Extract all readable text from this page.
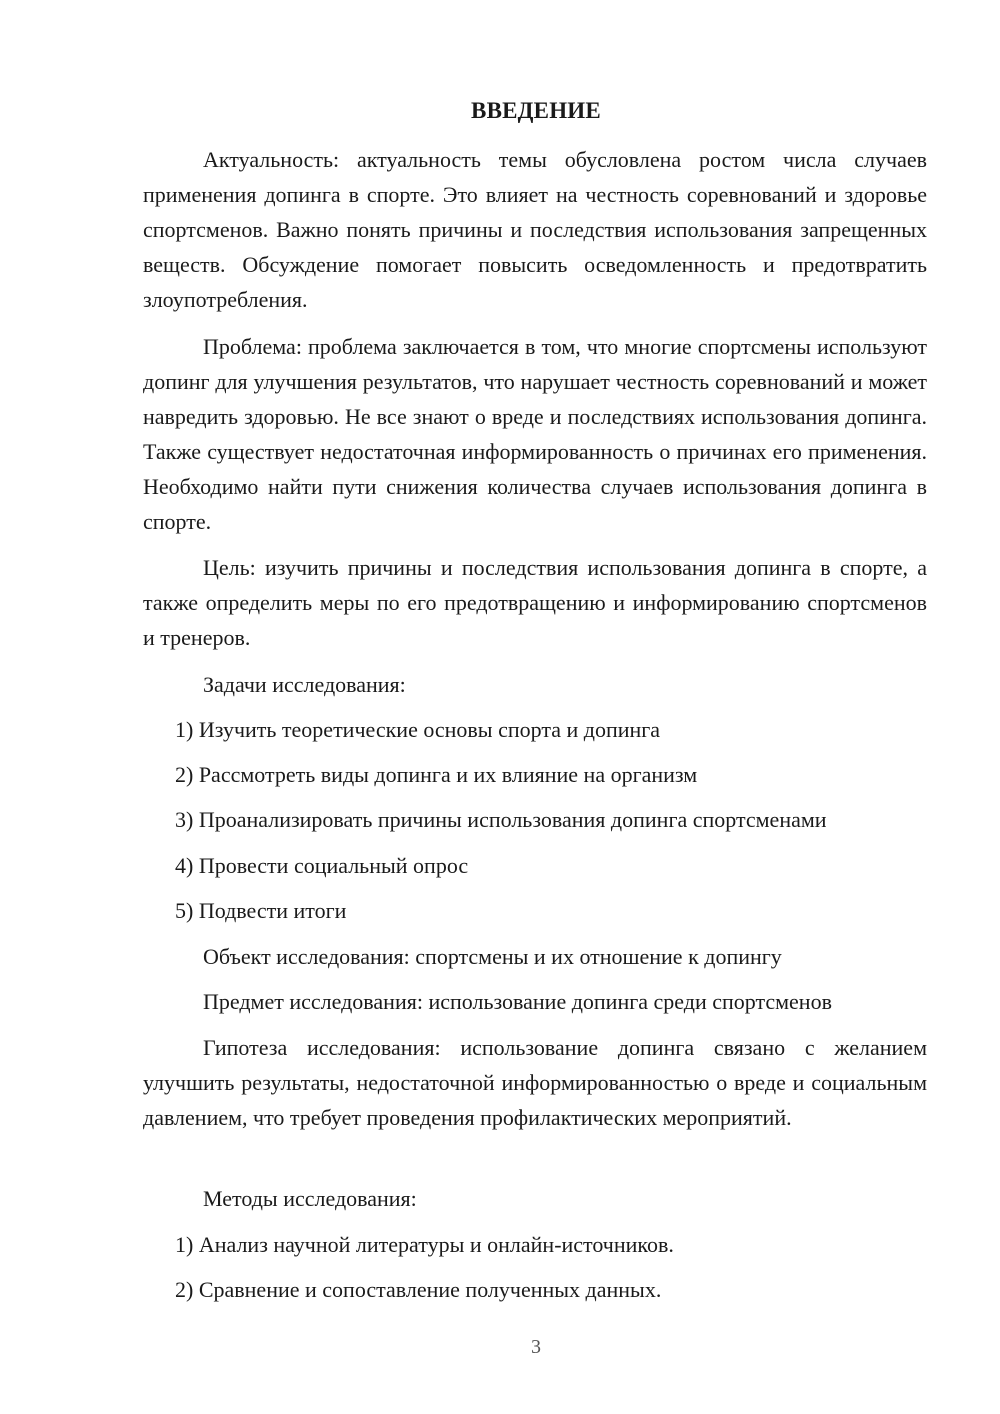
ВВЕДЕНИЕ

Актуальность: актуальность темы обусловлена ростом числа случаев применения допинга в спорте. Это влияет на честность соревнований и здоровье спортсменов. Важно понять причины и последствия использования запрещенных веществ. Обсуждение помогает повысить осведомленность и предотвратить злоупотребления.

Проблема: проблема заключается в том, что многие спортсмены используют допинг для улучшения результатов, что нарушает честность соревнований и может навредить здоровью. Не все знают о вреде и последствиях использования допинга. Также существует недостаточная информированность о причинах его применения. Необходимо найти пути снижения количества случаев использования допинга в спорте.

Цель: изучить причины и последствия использования допинга в спорте, а также определить меры по его предотвращению и информированию спортсменов и тренеров.

Задачи исследования:

1) Изучить теоретические основы спорта и допинга

2) Рассмотреть виды допинга и их влияние на организм

3) Проанализировать причины использования допинга спортсменами

4) Провести социальный опрос

5) Подвести итоги

Объект исследования: спортсмены и их отношение к допингу

Предмет исследования: использование допинга среди спортсменов

Гипотеза исследования: использование допинга связано с желанием улучшить результаты, недостаточной информированностью о вреде и социальным давлением, что требует проведения профилактических мероприятий.

Методы исследования:

1) Анализ научной литературы и онлайн-источников.

2) Сравнение и сопоставление полученных данных.

3
